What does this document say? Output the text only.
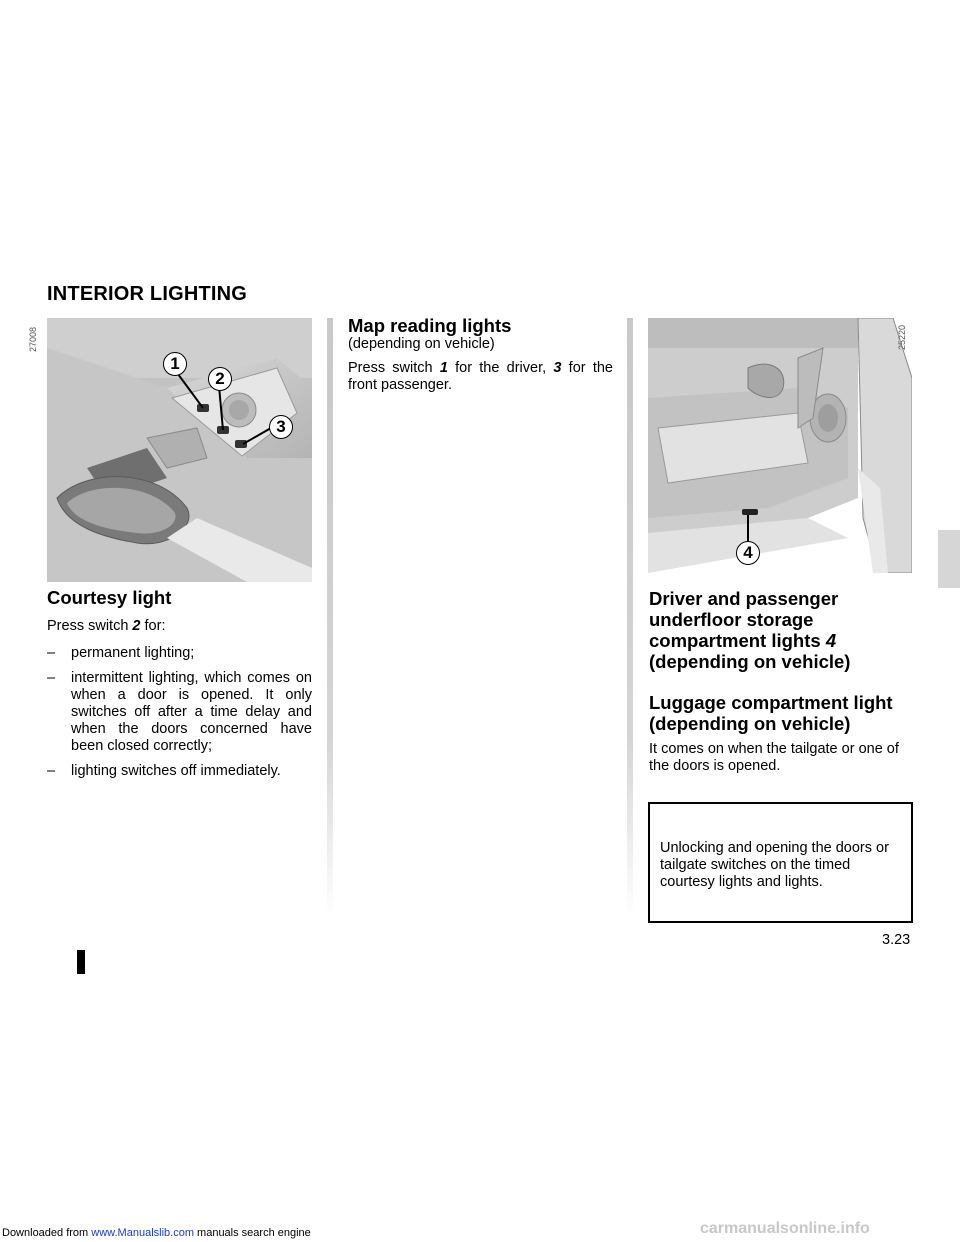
Downloaded from www.Manualslib.com manuals search engine
INTERIOR LIGHTING
1
2
3
27008
4
25220
Courtesy light
Press switch 2 for:
– permanent lighting;
– intermittent lighting, which comes on when a door is opened. It only switches off after a time delay and when the doors concerned have been closed correctly;
– lighting switches off immediately.
Map reading lights
(depending on vehicle)
Press switch 1 for the driver, 3 for the front passenger.
Driver and passenger
underfloor storage
compartment lights 4
(depending on vehicle)
Luggage compartment light
(depending on vehicle)
It comes on when the tailgate or one of the doors is opened.
Unlocking and opening the doors or tailgate switches on the timed courtesy lights and lights.
3.23
carmanualsonline.info
